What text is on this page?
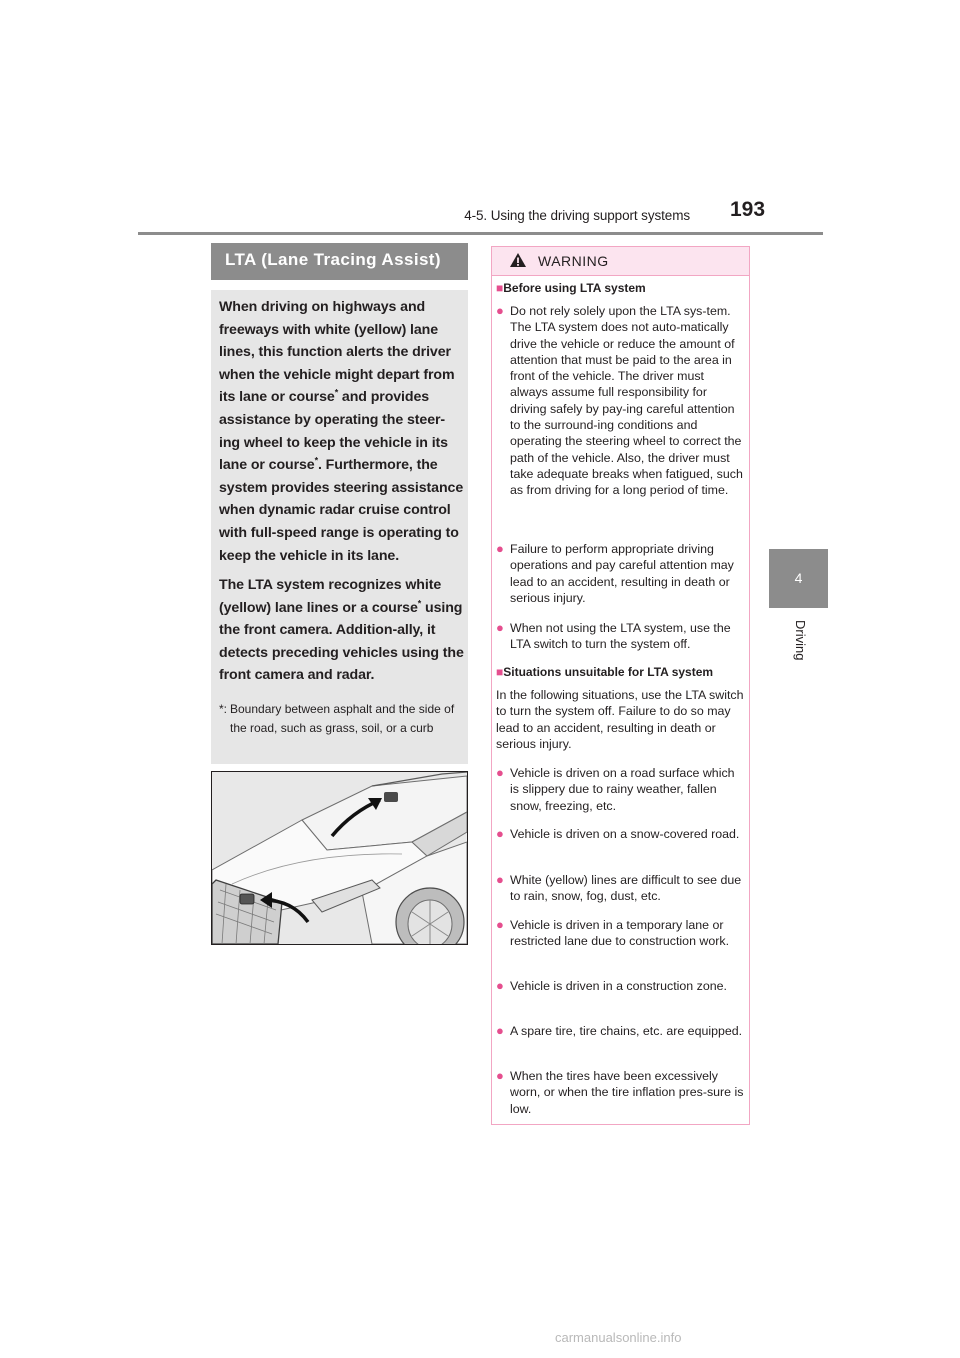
4-5. Using the driving support systems 193
4
Driving
LTA (Lane Tracing Assist)

When driving on highways and freeways with white (yellow) lane lines, this function alerts the driver when the vehicle might depart from its lane or course* and provides assistance by operating the steer-ing wheel to keep the vehicle in its lane or course*. Furthermore, the system provides steering assistance when dynamic radar cruise control with full-speed range is operating to keep the vehicle in its lane.

The LTA system recognizes white (yellow) lane lines or a course* using the front camera. Addition-ally, it detects preceding vehicles using the front camera and radar.

*: Boundary between asphalt and the side of the road, such as grass, soil, or a curb
WARNING
■Before using LTA system
● Do not rely solely upon the LTA sys-tem. The LTA system does not auto-matically drive the vehicle or reduce the amount of attention that must be paid to the area in front of the vehicle. The driver must always assume full responsibility for driving safely by pay-ing careful attention to the surround-ing conditions and operating the steering wheel to correct the path of the vehicle. Also, the driver must take adequate breaks when fatigued, such as from driving for a long period of time.
● Failure to perform appropriate driving operations and pay careful attention may lead to an accident, resulting in death or serious injury.
● When not using the LTA system, use the LTA switch to turn the system off.
■Situations unsuitable for LTA system
In the following situations, use the LTA switch to turn the system off. Failure to do so may lead to an accident, resulting in death or serious injury.
● Vehicle is driven on a road surface which is slippery due to rainy weather, fallen snow, freezing, etc.
● Vehicle is driven on a snow-covered road.
● White (yellow) lines are difficult to see due to rain, snow, fog, dust, etc.
● Vehicle is driven in a temporary lane or restricted lane due to construction work.
● Vehicle is driven in a construction zone.
● A spare tire, tire chains, etc. are equipped.
● When the tires have been excessively worn, or when the tire inflation pres-sure is low.
carmanualsonline.info
